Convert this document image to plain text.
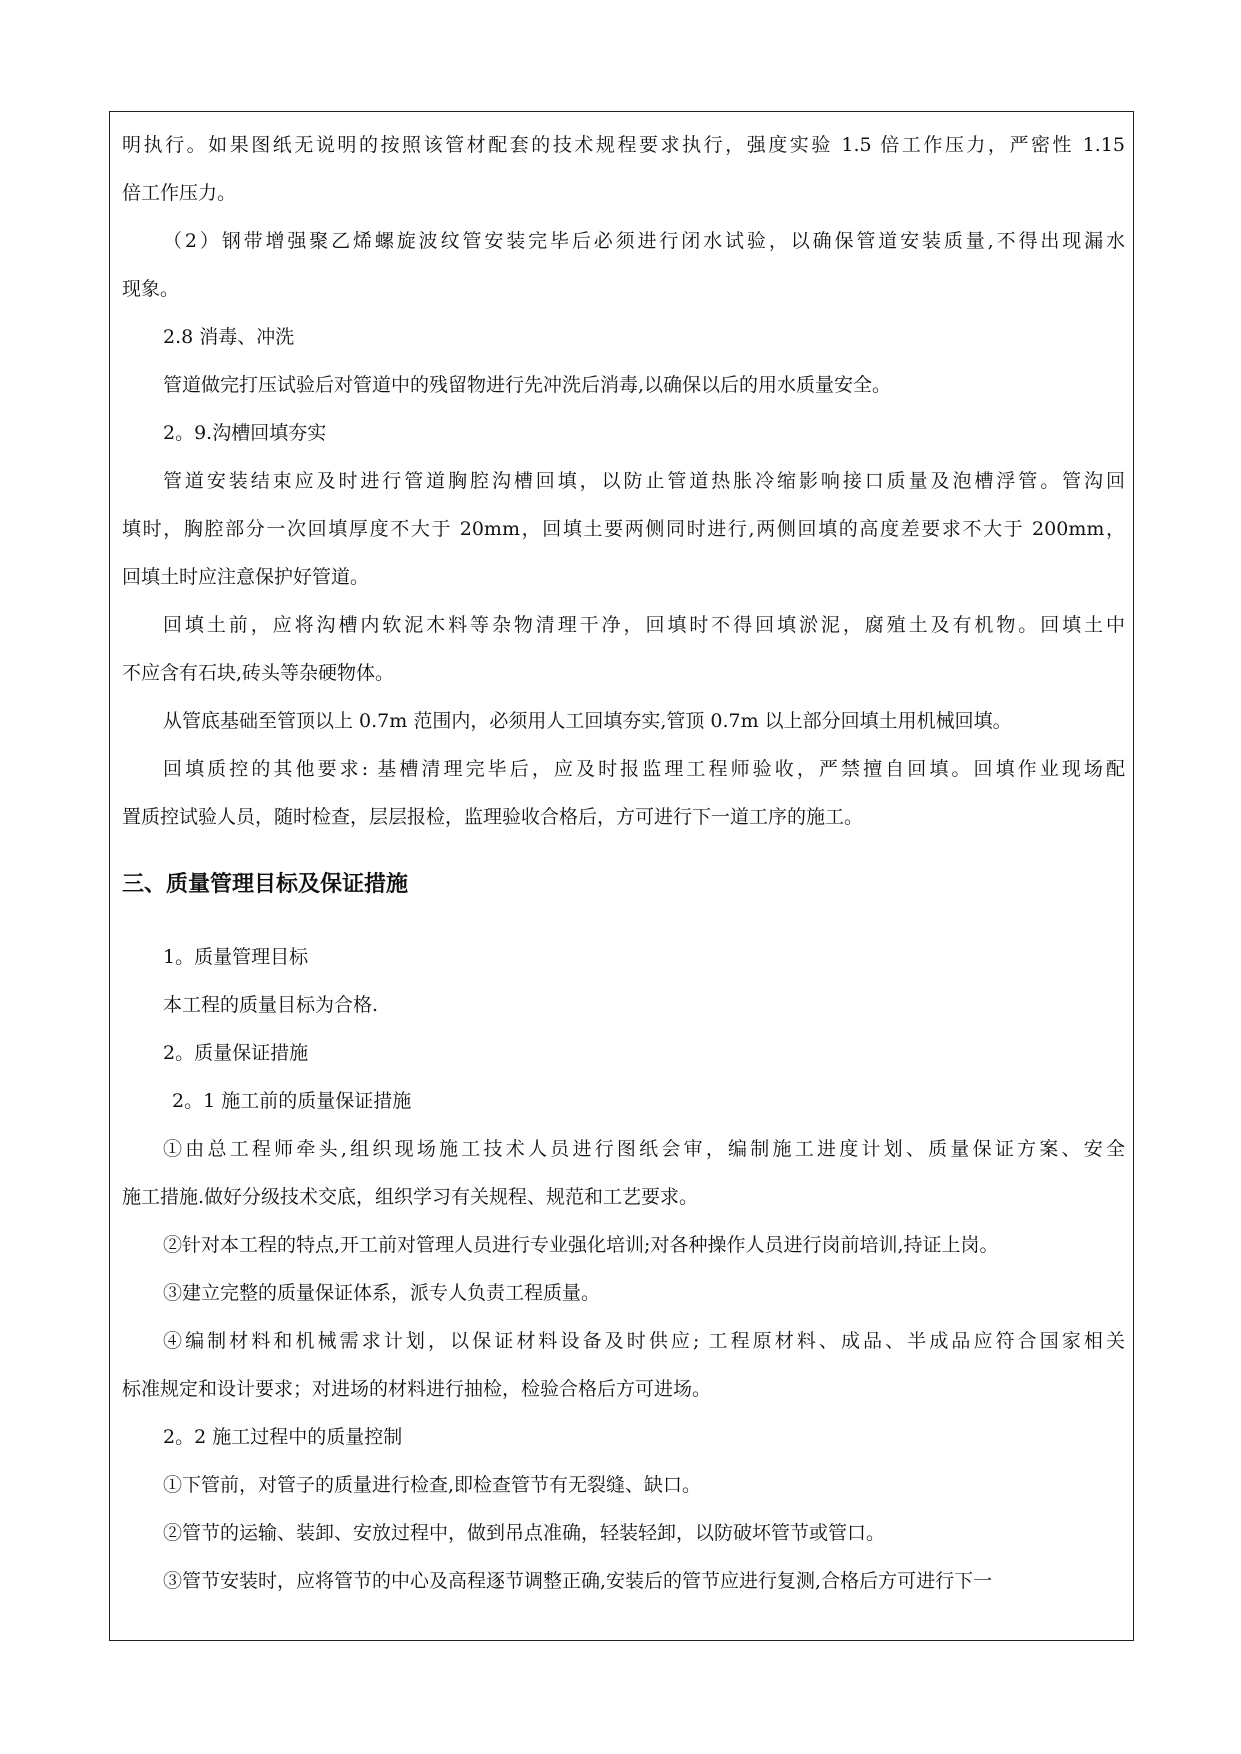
明执行。如果图纸无说明的按照该管材配套的技术规程要求执行，强度实验 1.5 倍工作压力，严密性 1.15
倍工作压力。
（2）钢带增强聚乙烯螺旋波纹管安装完毕后必须进行闭水试验，以确保管道安装质量,不得出现漏水
现象。
2.8 消毒、冲洗
管道做完打压试验后对管道中的残留物进行先冲洗后消毒,以确保以后的用水质量安全。
2。9.沟槽回填夯实
管道安装结束应及时进行管道胸腔沟槽回填，以防止管道热胀冷缩影响接口质量及泡槽浮管。管沟回
填时，胸腔部分一次回填厚度不大于 20mm，回填土要两侧同时进行,两侧回填的高度差要求不大于 200mm，
回填土时应注意保护好管道。
回填土前，应将沟槽内软泥木料等杂物清理干净，回填时不得回填淤泥，腐殖土及有机物。回填土中
不应含有石块,砖头等杂硬物体。
从管底基础至管顶以上 0.7m 范围内，必须用人工回填夯实,管顶 0.7m 以上部分回填土用机械回填。
回填质控的其他要求: 基槽清理完毕后，应及时报监理工程师验收，严禁擅自回填。回填作业现场配
置质控试验人员，随时检查，层层报检，监理验收合格后，方可进行下一道工序的施工。
三、质量管理目标及保证措施
1。质量管理目标
本工程的质量目标为合格.
2。质量保证措施
2。1 施工前的质量保证措施
①由总工程师牵头,组织现场施工技术人员进行图纸会审，编制施工进度计划、质量保证方案、安全
施工措施.做好分级技术交底，组织学习有关规程、规范和工艺要求。
②针对本工程的特点,开工前对管理人员进行专业强化培训;对各种操作人员进行岗前培训,持证上岗。
③建立完整的质量保证体系，派专人负责工程质量。
④编制材料和机械需求计划，以保证材料设备及时供应; 工程原材料、成品、半成品应符合国家相关
标准规定和设计要求；对进场的材料进行抽检，检验合格后方可进场。
2。2 施工过程中的质量控制
①下管前，对管子的质量进行检查,即检查管节有无裂缝、缺口。
②管节的运输、装卸、安放过程中，做到吊点准确，轻装轻卸，以防破坏管节或管口。
③管节安装时，应将管节的中心及高程逐节调整正确,安装后的管节应进行复测,合格后方可进行下一
